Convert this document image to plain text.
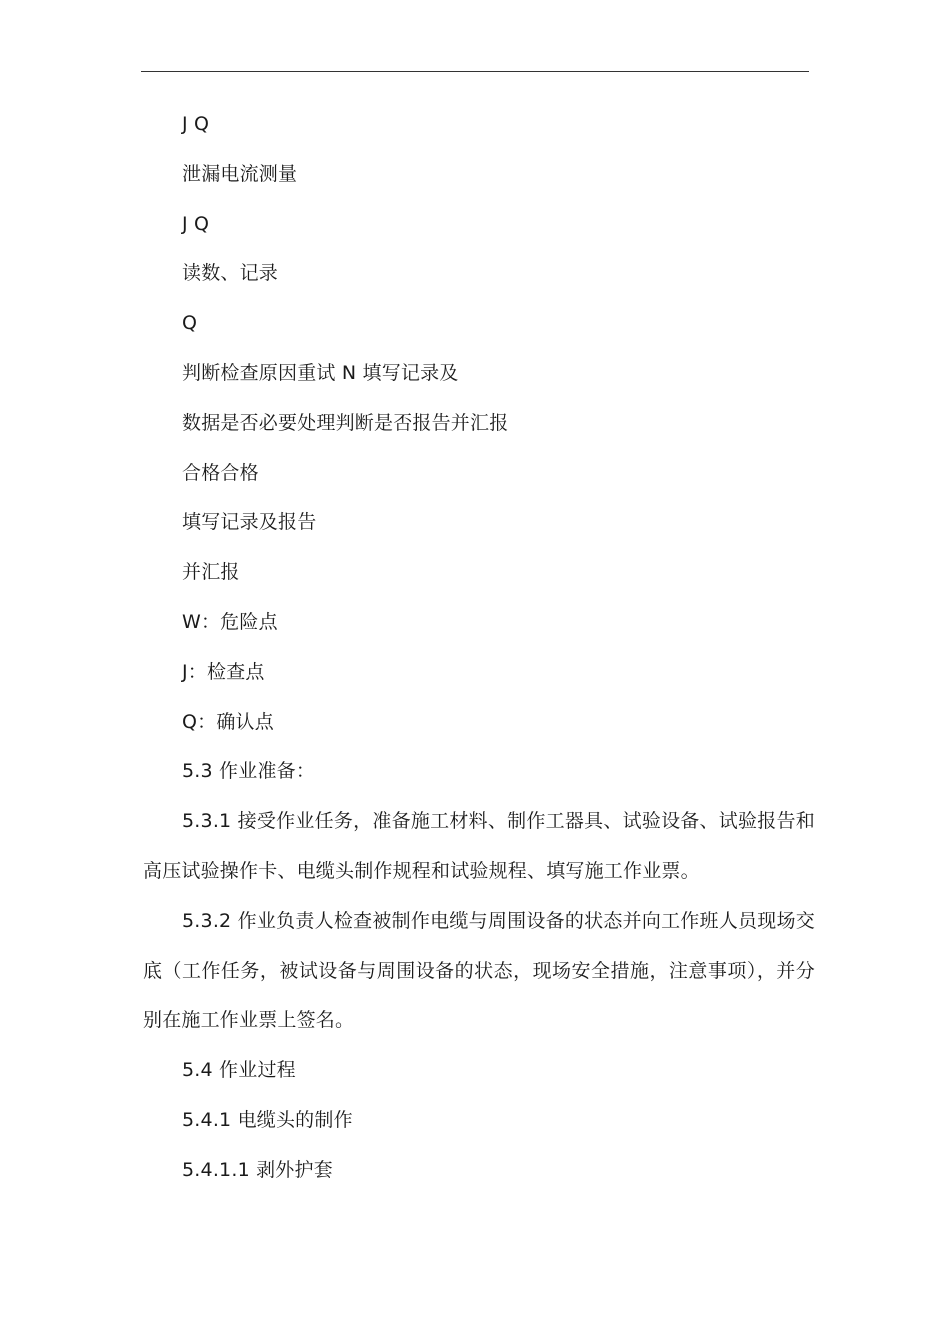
J Q
泄漏电流测量
J Q
读数、记录
Q
判断检查原因重试 N 填写记录及
数据是否必要处理判断是否报告并汇报
合格合格
填写记录及报告
并汇报
W：危险点
J：检查点
Q：确认点
5.3 作业准备：

5.3.1 接受作业任务，准备施工材料、制作工器具、试验设备、试验报告和高压试验操作卡、电缆头制作规程和试验规程、填写施工作业票。

5.3.2 作业负责人检查被制作电缆与周围设备的状态并向工作班人员现场交底（工作任务，被试设备与周围设备的状态，现场安全措施，注意事项），并分别在施工作业票上签名。

5.4 作业过程
5.4.1 电缆头的制作
5.4.1.1 剥外护套
